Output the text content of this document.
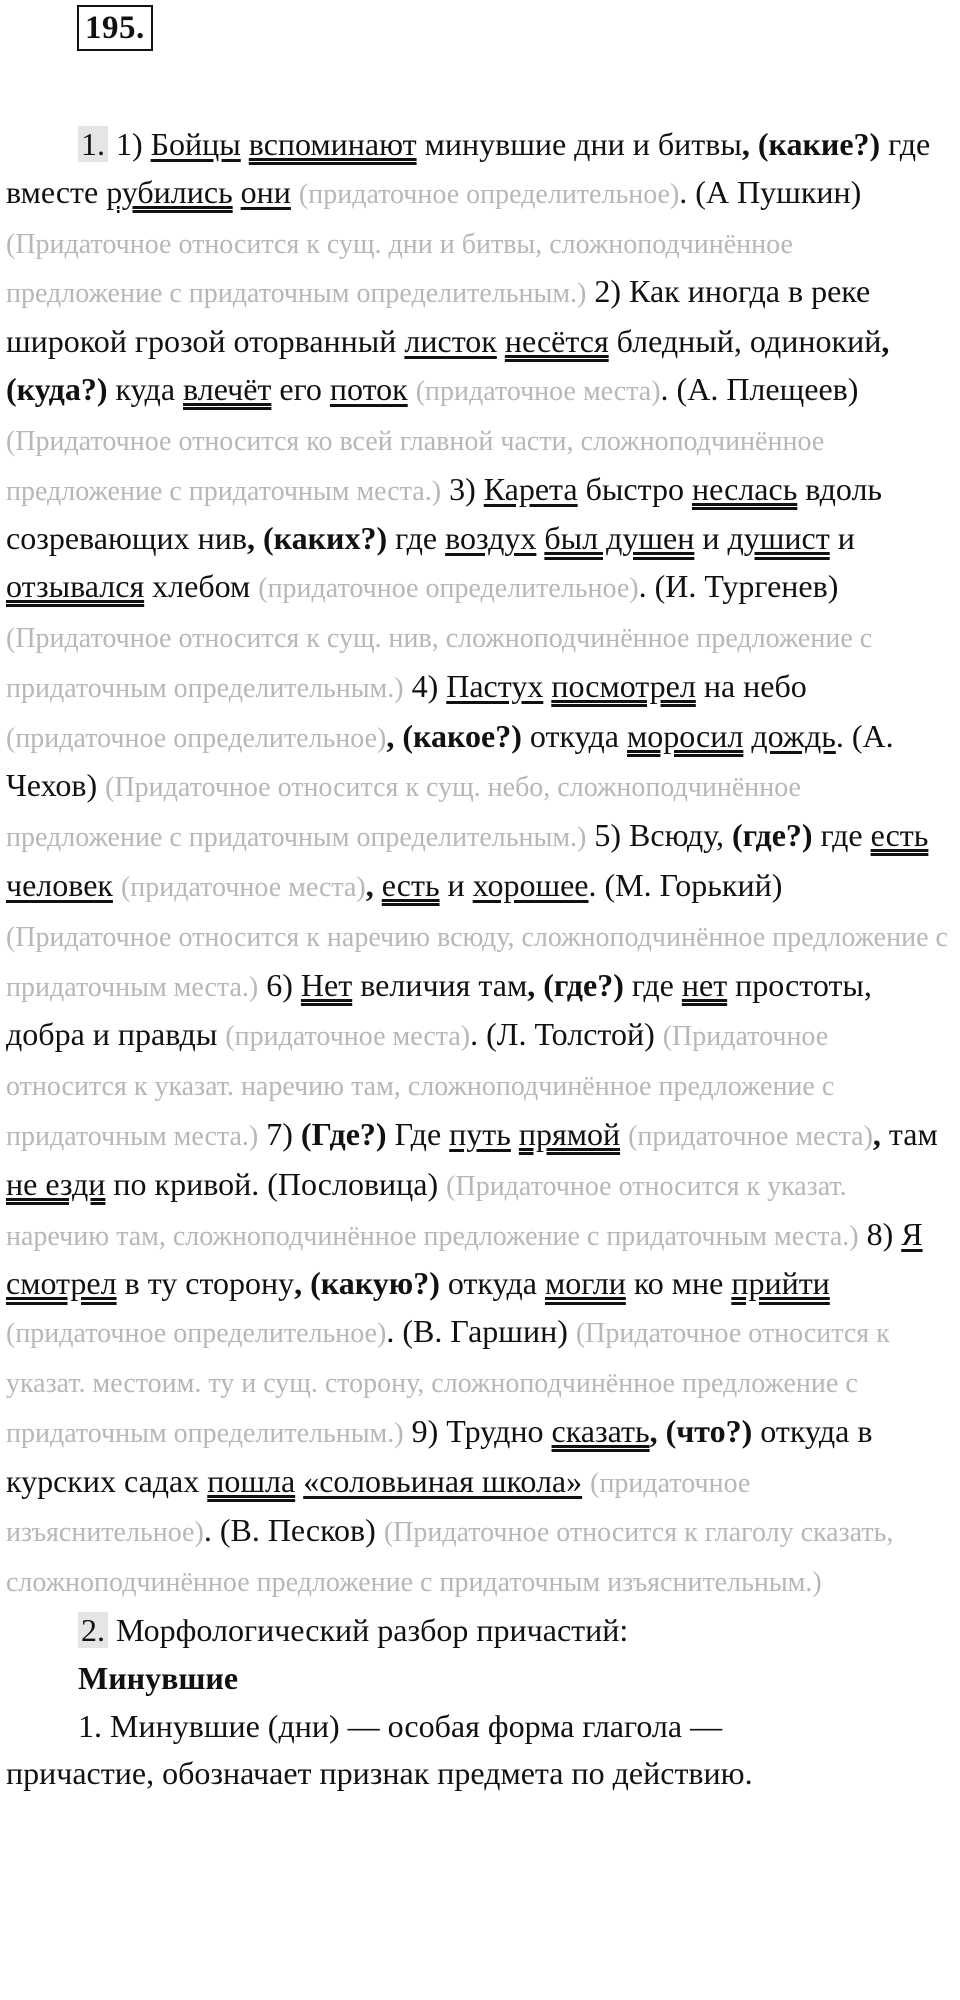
195.

1. 1) Бойцы вспоминают минувшие дни и битвы, (какие?) где вместе рубились они (придаточное определительное). (А Пушкин) (Придаточное относится к сущ. дни и битвы, сложноподчинённое предложение с придаточным определительным.) 2) Как иногда в реке широкой грозой оторванный листок несётся бледный, одинокий, (куда?) куда влечёт его поток (придаточное места). (А. Плещеев) (Придаточное относится ко всей главной части, сложноподчинённое предложение с придаточным места.) 3) Карета быстро неслась вдоль созревающих нив, (каких?) где воздух был душен и душист и отзывался хлебом (придаточное определительное). (И. Тургенев) (Придаточное относится к сущ. нив, сложноподчинённое предложение с придаточным определительным.) 4) Пастух посмотрел на небо (придаточное определительное), (какое?) откуда моросил дождь. (А. Чехов) (Придаточное относится к сущ. небо, сложноподчинённое предложение с придаточным определительным.) 5) Всюду, (где?) где есть человек (придаточное места), есть и хорошее. (М. Горький) (Придаточное относится к наречию всюду, сложноподчинённое предложение с придаточным места.) 6) Нет величия там, (где?) где нет простоты, добра и правды (придаточное места). (Л. Толстой) (Придаточное относится к указат. наречию там, сложноподчинённое предложение с придаточным места.) 7) (Где?) Где путь прямой (придаточное места), там не езди по кривой. (Пословица) (Придаточное относится к указат. наречию там, сложноподчинённое предложение с придаточным места.) 8) Я смотрел в ту сторону, (какую?) откуда могли ко мне прийти (придаточное определительное). (В. Гаршин) (Придаточное относится к указат. местоим. ту и сущ. сторону, сложноподчинённое предложение с придаточным определительным.) 9) Трудно сказать, (что?) откуда в курских садах пошла «соловьиная школа» (придаточное изъяснительное). (В. Песков) (Придаточное относится к глаголу сказать, сложноподчинённое предложение с придаточным изъяснительным.)

2. Морфологический разбор причастий:

Минувшие

1. Минувшие (дни) — особая форма глагола —

причастие, обозначает признак предмета по действию.
